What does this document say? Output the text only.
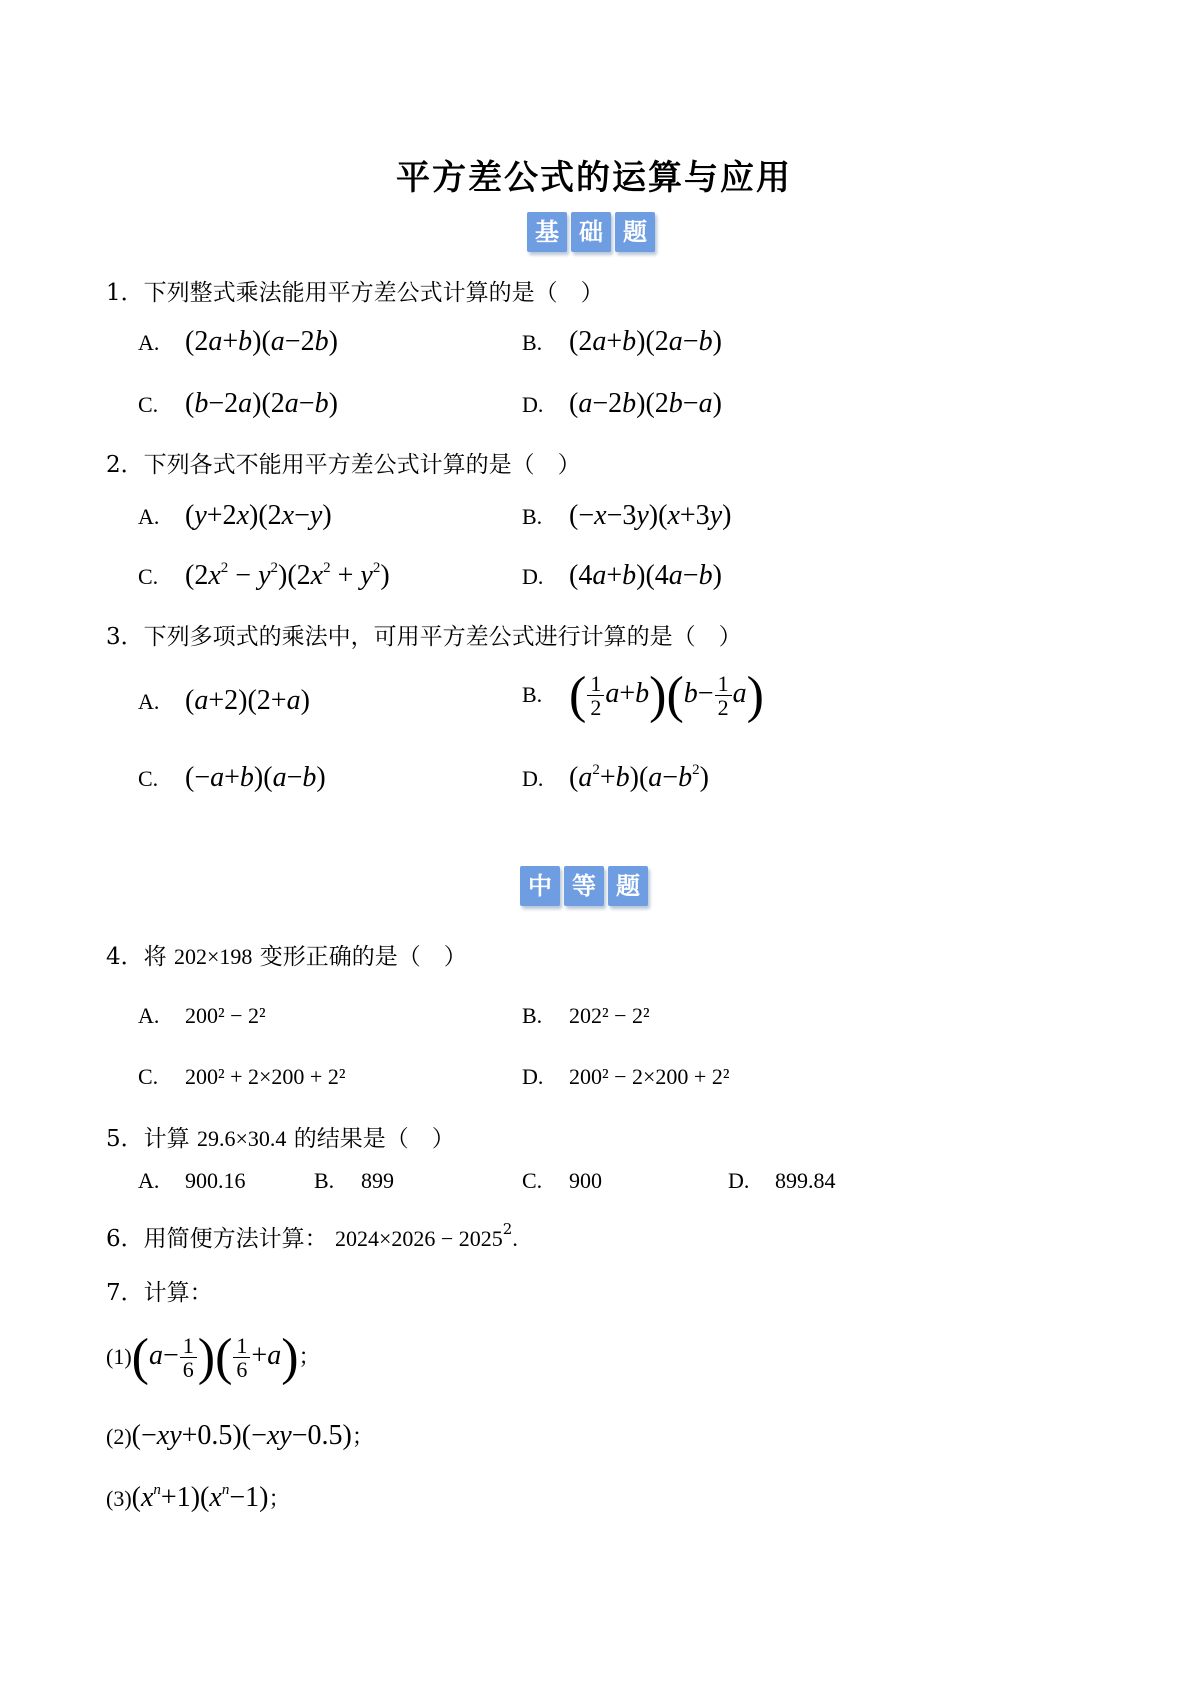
平方差公式的运算与应用
基 础 题
1．下列整式乘法能用平方差公式计算的是（　）
A. (2a+b)(a−2b)	B. (2a+b)(2a−b)
C. (b−2a)(2a−b)	D. (a−2b)(2b−a)
2．下列各式不能用平方差公式计算的是（　）
A. (y+2x)(2x−y)	B. (−x−3y)(x+3y)
C. $(2x^2 - y^2)(2x^2 + y^2)$	D. (4a+b)(4a−b)
3．下列多项式的乘法中，可用平方差公式进行计算的是（　）
A. (a+2)(2+a)	B. ( $\frac{1}{2} a+b)(b- \frac{1}{2} a)$
C. (−a+b)(a−b)	D. $(a^2+b)(a-b^2)$
中 等 题
4．将 202×198 变形正确的是（　）
A. 200² − 2²	B. 202² − 2²
C. 200² + 2×200 + 2²	D. 200² − 2×200 + 2²
5．计算 29.6×30.4 的结果是（　）
A. 900.16	B. 899	C. 900	D. 899.84
6．用简便方法计算： $2024\times 2026 - 2025^2$.
7．计算：
$(1)(a- \frac{1}{6}$ )( $\frac{1}{6} +a$)；
(2)(−xy+0.5)(−xy−0.5)；
$(3)(x^n+1)(x^n-1)$；
